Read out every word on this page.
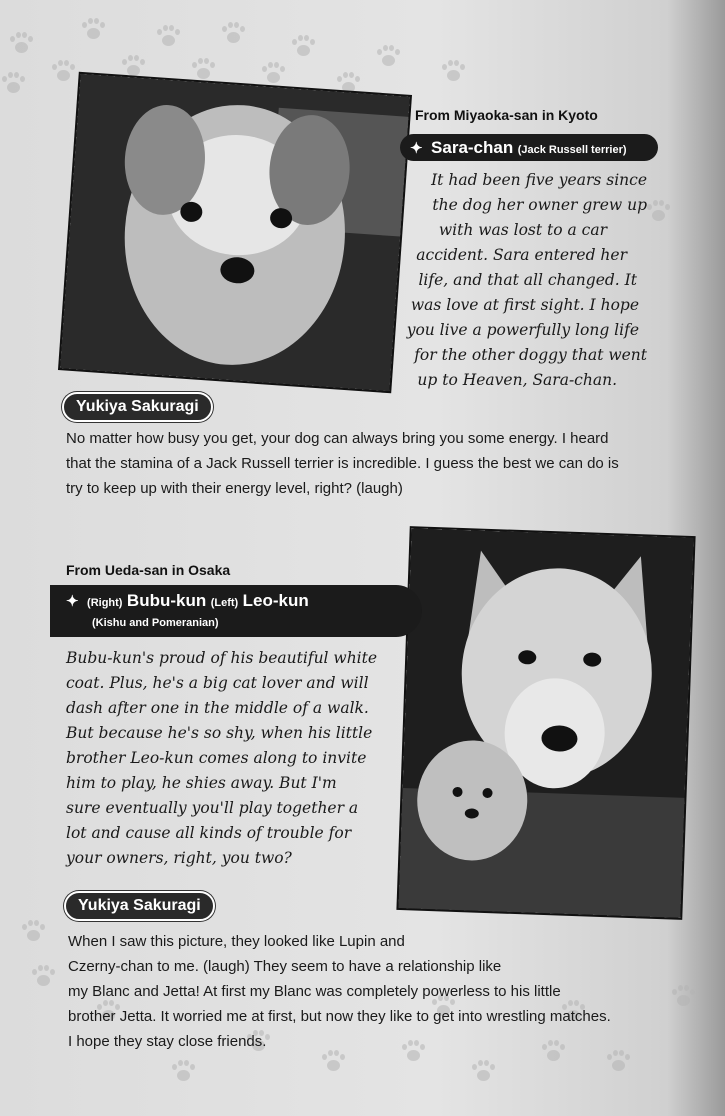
From Miyaoka-san in Kyoto
✦ Sara-chan (Jack Russell terrier)
It had been five years since
the dog her owner grew up
with was lost to a car
accident. Sara entered her
life, and that all changed. It
was love at first sight. I hope
you live a powerfully long life
for the other doggy that went
up to Heaven, Sara-chan.
Yukiya Sakuragi
No matter how busy you get, your dog can always bring you some energy. I heard
that the stamina of a Jack Russell terrier is incredible. I guess the best we can do is
try to keep up with their energy level, right? (laugh)
From Ueda-san in Osaka
✦ (Right) Bubu-kun (Left) Leo-kun
(Kishu and Pomeranian)
Bubu-kun's proud of his beautiful white
coat. Plus, he's a big cat lover and will
dash after one in the middle of a walk.
But because he's so shy, when his little
brother Leo-kun comes along to invite
him to play, he shies away. But I'm
sure eventually you'll play together a
lot and cause all kinds of trouble for
your owners, right, you two?
Yukiya Sakuragi
When I saw this picture, they looked like Lupin and
Czerny-chan to me. (laugh) They seem to have a relationship like
my Blanc and Jetta! At first my Blanc was completely powerless to his little
brother Jetta. It worried me at first, but now they like to get into wrestling matches.
I hope they stay close friends.
